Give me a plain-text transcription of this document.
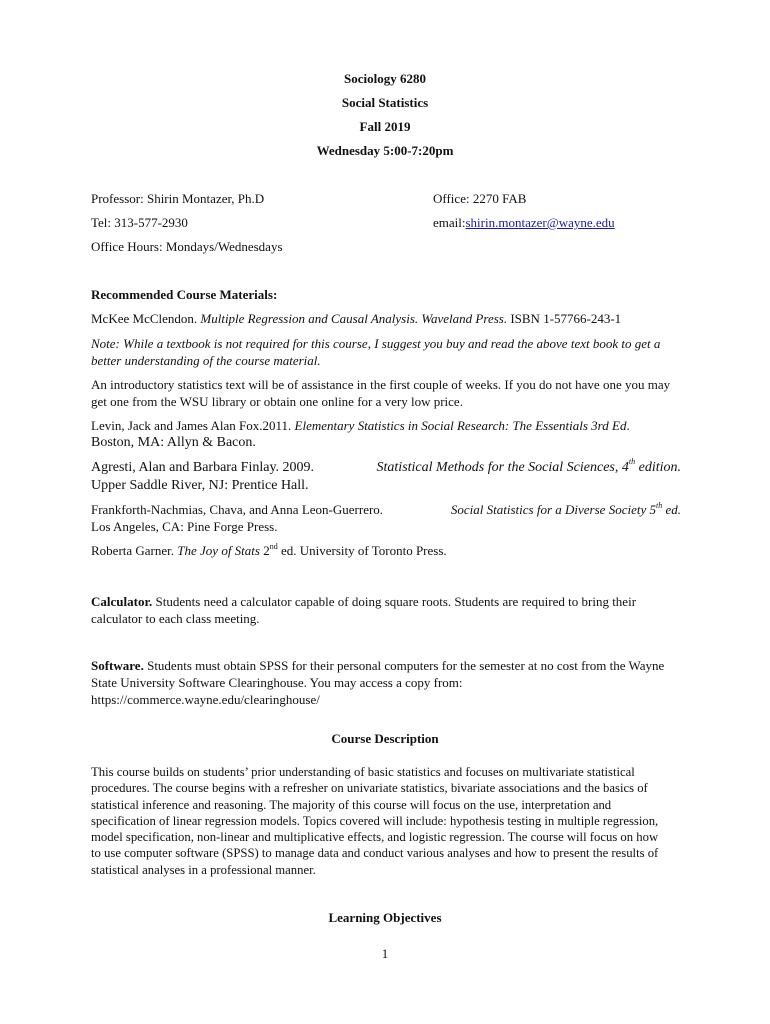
Sociology 6280
Social Statistics
Fall 2019
Wednesday 5:00-7:20pm
Professor: Shirin Montazer, Ph.D	Office: 2270 FAB
Tel: 313-577-2930	email:shirin.montazer@wayne.edu
Office Hours: Mondays/Wednesdays
Recommended Course Materials:
McKee McClendon. Multiple Regression and Causal Analysis. Waveland Press. ISBN 1-57766-243-1
Note: While a textbook is not required for this course, I suggest you buy and read the above text book to get a better understanding of the course material.
An introductory statistics text will be of assistance in the first couple of weeks. If you do not have one you may get one from the WSU library or obtain one online for a very low price.
Levin, Jack and James Alan Fox.2011. Elementary Statistics in Social Research: The Essentials 3rd Ed.
Boston, MA: Allyn & Bacon.
Agresti, Alan and Barbara Finlay. 2009.	Statistical Methods for the Social Sciences, 4th edition.
Upper Saddle River, NJ: Prentice Hall.
Frankforth-Nachmias, Chava, and Anna Leon-Guerrero.	Social Statistics for a Diverse Society 5th ed.
Los Angeles, CA: Pine Forge Press.
Roberta Garner. The Joy of Stats 2nd ed. University of Toronto Press.
Calculator. Students need a calculator capable of doing square roots. Students are required to bring their calculator to each class meeting.
Software. Students must obtain SPSS for their personal computers for the semester at no cost from the Wayne State University Software Clearinghouse. You may access a copy from:
https://commerce.wayne.edu/clearinghouse/
Course Description
This course builds on students’ prior understanding of basic statistics and focuses on multivariate statistical procedures. The course begins with a refresher on univariate statistics, bivariate associations and the basics of statistical inference and reasoning. The majority of this course will focus on the use, interpretation and specification of linear regression models. Topics covered will include: hypothesis testing in multiple regression, model specification, non-linear and multiplicative effects, and logistic regression. The course will focus on how to use computer software (SPSS) to manage data and conduct various analyses and how to present the results of statistical analyses in a professional manner.
Learning Objectives
1
